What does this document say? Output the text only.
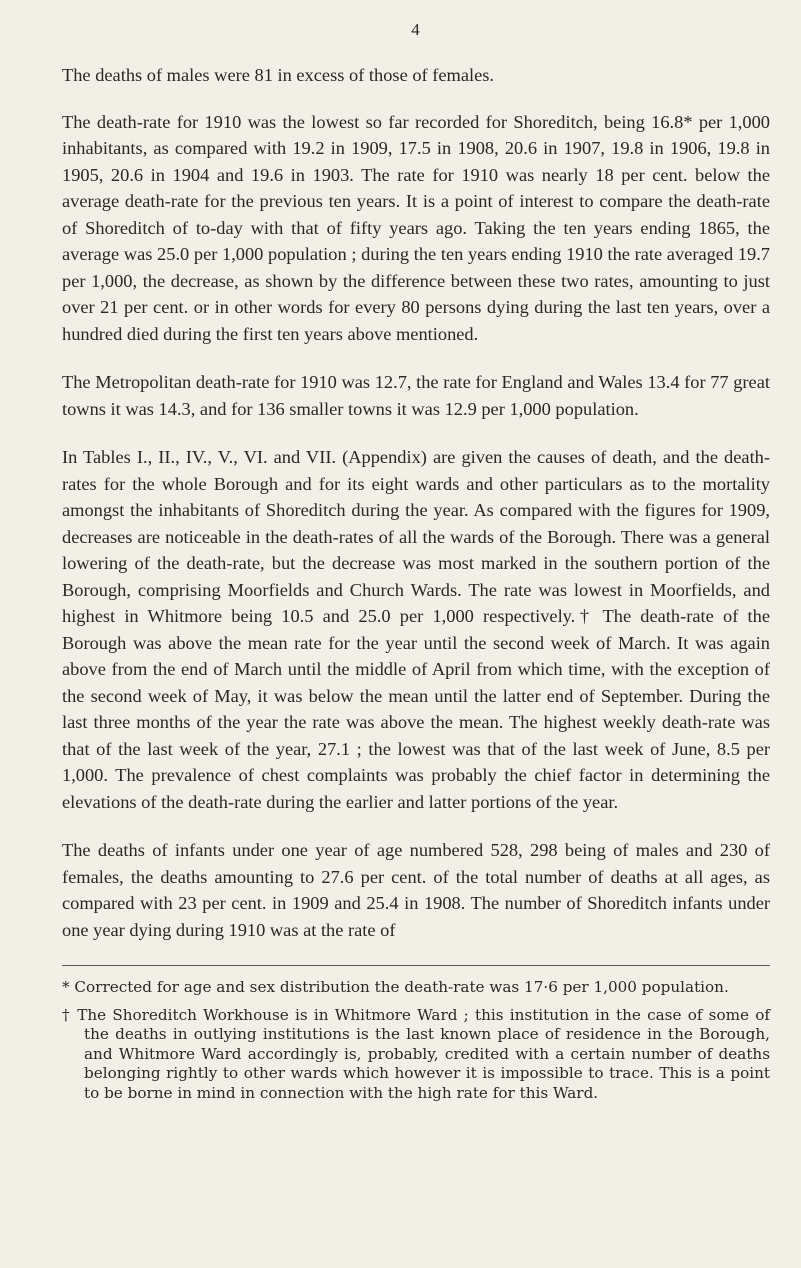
4

The deaths of males were 81 in excess of those of females.

The death-rate for 1910 was the lowest so far recorded for Shoreditch, being 16.8* per 1,000 inhabitants, as compared with 19.2 in 1909, 17.5 in 1908, 20.6 in 1907, 19.8 in 1906, 19.8 in 1905, 20.6 in 1904 and 19.6 in 1903. The rate for 1910 was nearly 18 per cent. below the average death-rate for the previous ten years. It is a point of interest to compare the death-rate of Shoreditch of to-day with that of fifty years ago. Taking the ten years ending 1865, the average was 25.0 per 1,000 population ; during the ten years ending 1910 the rate averaged 19.7 per 1,000, the decrease, as shown by the difference between these two rates, amounting to just over 21 per cent. or in other words for every 80 persons dying during the last ten years, over a hundred died during the first ten years above mentioned.

The Metropolitan death-rate for 1910 was 12.7, the rate for England and Wales 13.4 for 77 great towns it was 14.3, and for 136 smaller towns it was 12.9 per 1,000 population.

In Tables I., II., IV., V., VI. and VII. (Appendix) are given the causes of death, and the death-rates for the whole Borough and for its eight wards and other particulars as to the mortality amongst the inhabitants of Shoreditch during the year. As compared with the figures for 1909, decreases are noticeable in the death-rates of all the wards of the Borough. There was a general lowering of the death-rate, but the decrease was most marked in the southern portion of the Borough, comprising Moorfields and Church Wards. The rate was lowest in Moorfields, and highest in Whitmore being 10.5 and 25.0 per 1,000 respectively.† The death-rate of the Borough was above the mean rate for the year until the second week of March. It was again above from the end of March until the middle of April from which time, with the exception of the second week of May, it was below the mean until the latter end of September. During the last three months of the year the rate was above the mean. The highest weekly death-rate was that of the last week of the year, 27.1 ; the lowest was that of the last week of June, 8.5 per 1,000. The prevalence of chest complaints was probably the chief factor in determining the elevations of the death-rate during the earlier and latter portions of the year.

The deaths of infants under one year of age numbered 528, 298 being of males and 230 of females, the deaths amounting to 27.6 per cent. of the total number of deaths at all ages, as compared with 23 per cent. in 1909 and 25.4 in 1908. The number of Shoreditch infants under one year dying during 1910 was at the rate of

* Corrected for age and sex distribution the death-rate was 17·6 per 1,000 population.

† The Shoreditch Workhouse is in Whitmore Ward ; this institution in the case of some of the deaths in outlying institutions is the last known place of residence in the Borough, and Whitmore Ward accordingly is, probably, credited with a certain number of deaths belonging rightly to other wards which however it is impossible to trace. This is a point to be borne in mind in connection with the high rate for this Ward.
